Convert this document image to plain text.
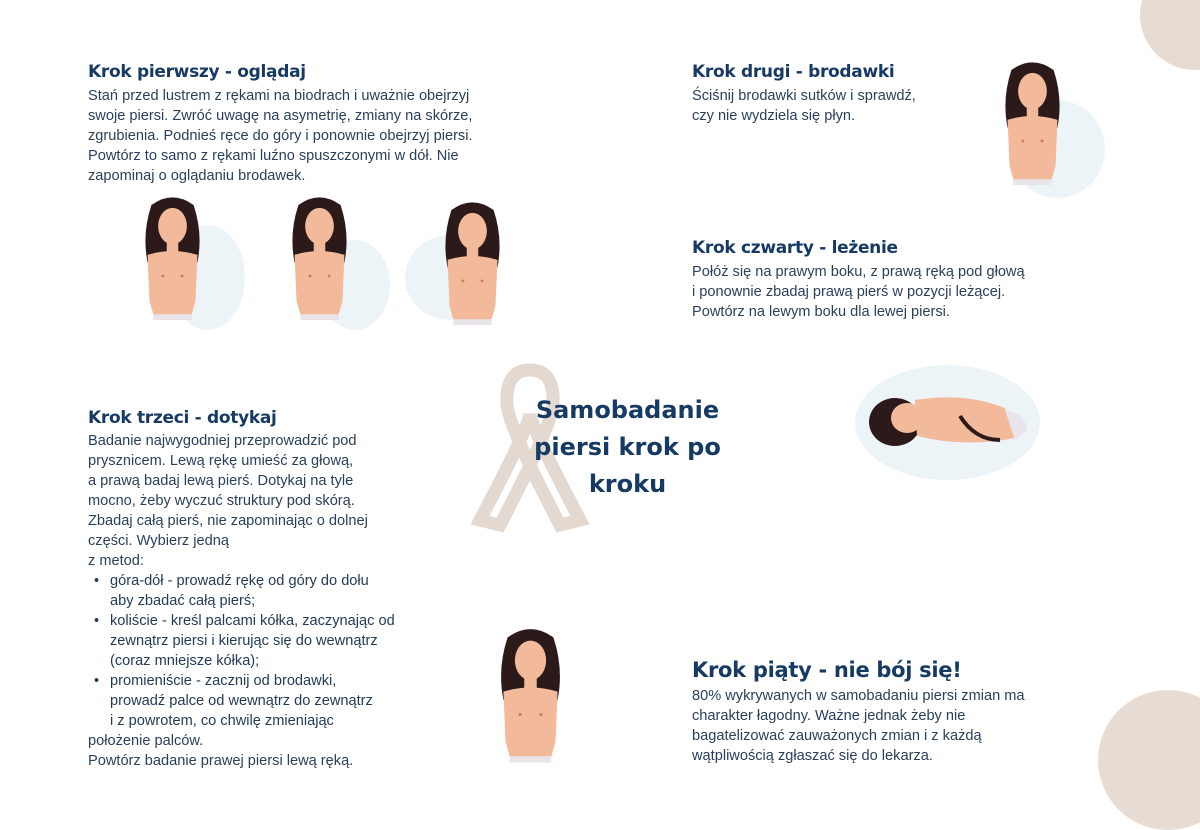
Krok pierwszy - oglądaj

Stań przed lustrem z rękami na biodrach i uważnie obejrzyj
swoje piersi. Zwróć uwagę na asymetrię, zmiany na skórze,
zgrubienia. Podnieś ręce do góry i ponownie obejrzyj piersi.
Powtórz to samo z rękami luźno spuszczonymi w dół. Nie
zapominaj o oglądaniu brodawek.

Krok drugi - brodawki

Ściśnij brodawki sutków i sprawdź,
czy nie wydziela się płyn.

Krok czwarty - leżenie

Połóż się na prawym boku, z prawą ręką pod głową
i ponownie zbadaj prawą pierś w pozycji leżącej.
Powtórz na lewym boku dla lewej piersi.

Samobadanie piersi krok po kroku
Krok trzeci - dotykaj

Badanie najwygodniej przeprowadzić pod
prysznicem. Lewą rękę umieść za głową,
a prawą badaj lewą pierś. Dotykaj na tyle
mocno, żeby wyczuć struktury pod skórą.
Zbadaj całą pierś, nie zapominając o dolnej
części. Wybierz jedną
z metod:

• góra-dół - prowadź rękę od góry do dołu
aby zbadać całą pierś;
• koliście - kreśl palcami kółka, zaczynając od
zewnątrz piersi i kierując się do wewnątrz
(coraz mniejsze kółka);
• promieniście - zacznij od brodawki,
prowadź palce od wewnątrz do zewnątrz
i z powrotem, co chwilę zmieniając

położenie palców.
Powtórz badanie prawej piersi lewą ręką.

Krok piąty - nie bój się!

80% wykrywanych w samobadaniu piersi zmian ma
charakter łagodny. Ważne jednak żeby nie
bagatelizować zauważonych zmian i z każdą
wątpliwością zgłaszać się do lekarza.
